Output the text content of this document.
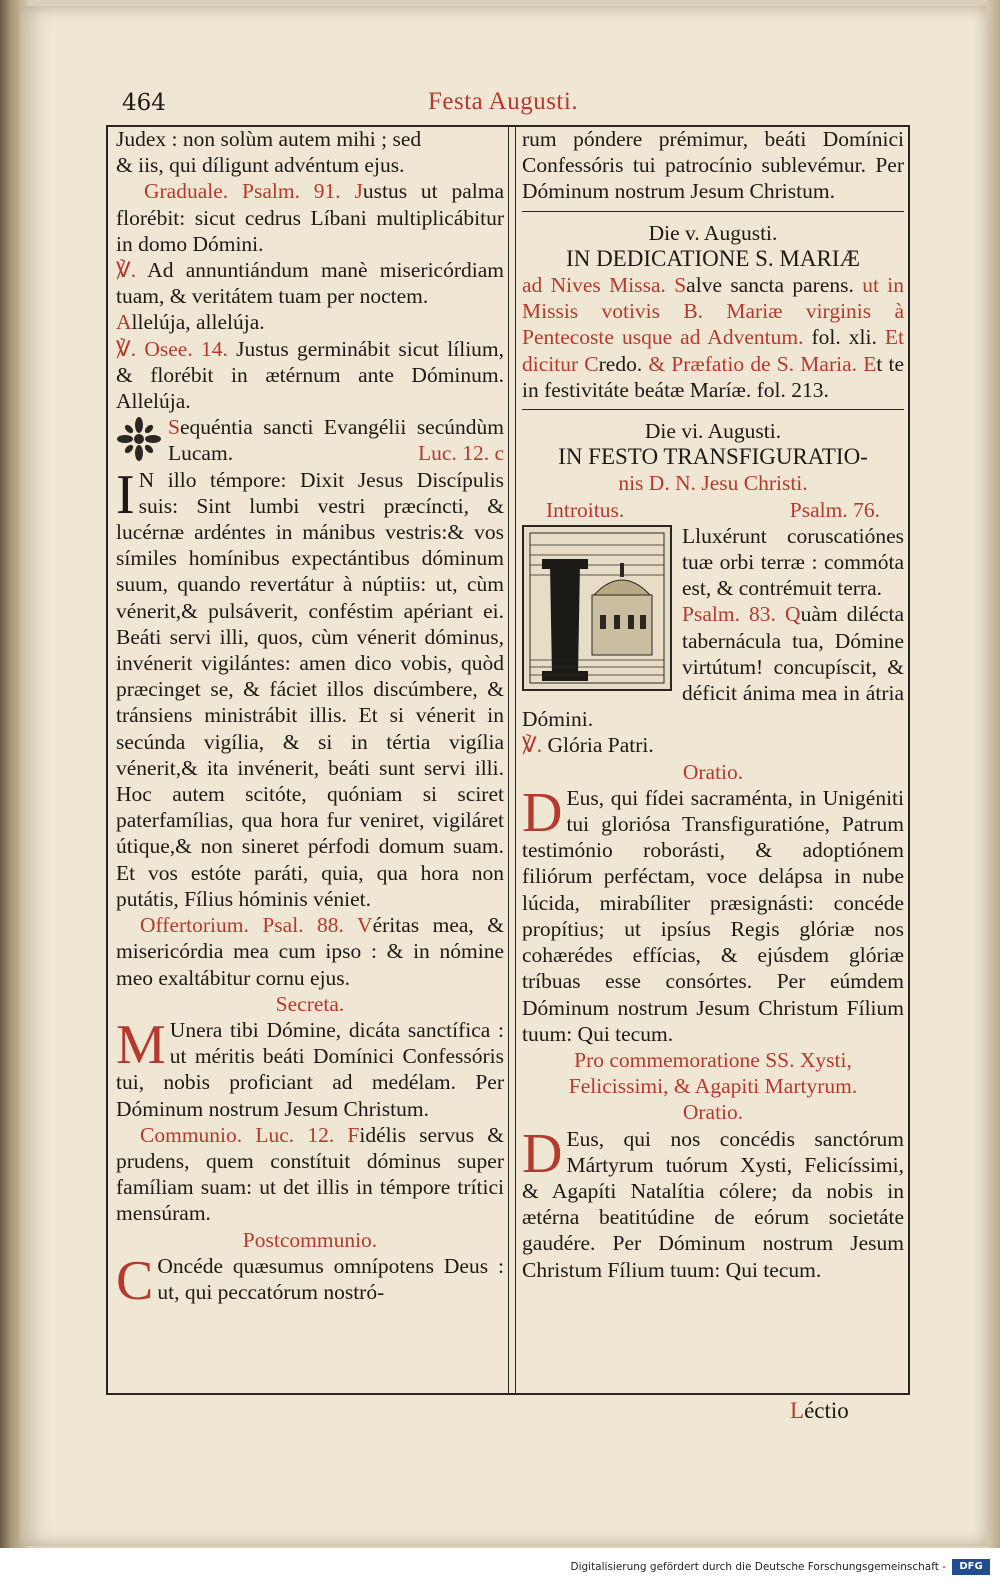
464	Festa Augusti.

Judex : non solùm autem mihi ; sed

& iis, qui díligunt advéntum ejus.

Graduale. Psalm. 91. Justus ut palma florébit: sicut cedrus Líbani multiplicábitur in domo Dómini.

℣. Ad annuntiándum manè misericórdiam tuam, & veritátem tuam per noctem.

Allelúja, allelúja.

℣. Osee. 14. Justus germinábit sicut lílium, & florébit in ætérnum ante Dóminum. Allelúja.

Sequéntia sancti Evangélii secúndùm Lucam.	Luc. 12. c

I N illo témpore: Dixit Jesus Discípulis suis: Sint lumbi vestri præcíncti, & lucérnæ ardéntes in mánibus vestris:& vos símiles homínibus expectántibus dóminum suum, quando revertátur à núptiis: ut, cùm vénerit,& pulsáverit, conféstim apériant ei. Beáti servi illi, quos, cùm vénerit dóminus, invénerit vigilántes: amen dico vobis, quòd præcinget se, & fáciet illos discúmbere, & tránsiens ministrábit illis. Et si vénerit in secúnda vigília, & si in tértia vigília vénerit,& ita invénerit, beáti sunt servi illi. Hoc autem scitóte, quóniam si sciret paterfamílias, qua hora fur veniret, vigiláret útique,& non sineret pérfodi domum suam. Et vos estóte paráti, quia, qua hora non putátis, Fílius hóminis véniet.

Offertorium. Psal. 88. Véritas mea, & misericórdia mea cum ipso : & in nómine meo exaltábitur cornu ejus.

Secreta.

M Unera tibi Dómine, dicáta sanctífica : ut méritis beáti Domínici Confessóris tui, nobis proficiant ad medélam. Per Dóminum nostrum Jesum Christum.

Communio. Luc. 12. Fidélis servus & prudens, quem constítuit dóminus super famíliam suam: ut det illis in témpore trítici mensúram.

Postcommunio.

C Oncéde quæsumus omnípotens Deus : ut, qui peccatórum nostró-

rum póndere prémimur, beáti Domínici Confessóris tui patrocínio sublevémur. Per Dóminum nostrum Jesum Christum.

Die v. Augusti.

IN DEDICATIONE S. MARIÆ

ad Nives Missa. Salve sancta parens. ut in Missis votivis B. Mariæ virginis à Pentecoste usque ad Adventum. fol. xli. Et dicitur Credo. & Præfatio de S. Maria. Et te in festivitáte beátæ Maríæ. fol. 213.

Die vi. Augusti.

IN FESTO TRANSFIGURATIO-

nis D. N. Jesu Christi.

Introitus.	Psalm. 76.

Lluxérunt coruscatiónes tuæ orbi terræ : commóta est, & contrémuit terra.

Psalm. 83. Quàm dilécta tabernácula tua, Dómine virtútum! concupíscit, & déficit ánima mea in átria Dómini.

℣. Glória Patri.

Oratio.

D Eus, qui fídei sacraménta, in Unigéniti tui gloriósa Transfiguratióne, Patrum testimónio roborásti, & adoptiónem filiórum perféctam, voce delápsa in nube lúcida, mirabíliter præsignásti: concéde propítius; ut ipsíus Regis glóriæ nos cohærédes effícias, & ejúsdem glóriæ tríbuas esse consórtes. Per eúmdem Dóminum nostrum Jesum Christum Fílium tuum: Qui tecum.

Pro commemoratione SS. Xysti, Felicissimi, & Agapiti Martyrum.

Oratio.

D Eus, qui nos concédis sanctórum Mártyrum tuórum Xysti, Felicíssimi, & Agapíti Natalítia cólere; da nobis in ætérna beatitúdine de eórum societáte gaudére. Per Dóminum nostrum Jesum Christum Fílium tuum: Qui tecum.

Léctio
Digitalisierung gefördert durch die Deutsche Forschungsgemeinschaft -	DFG
